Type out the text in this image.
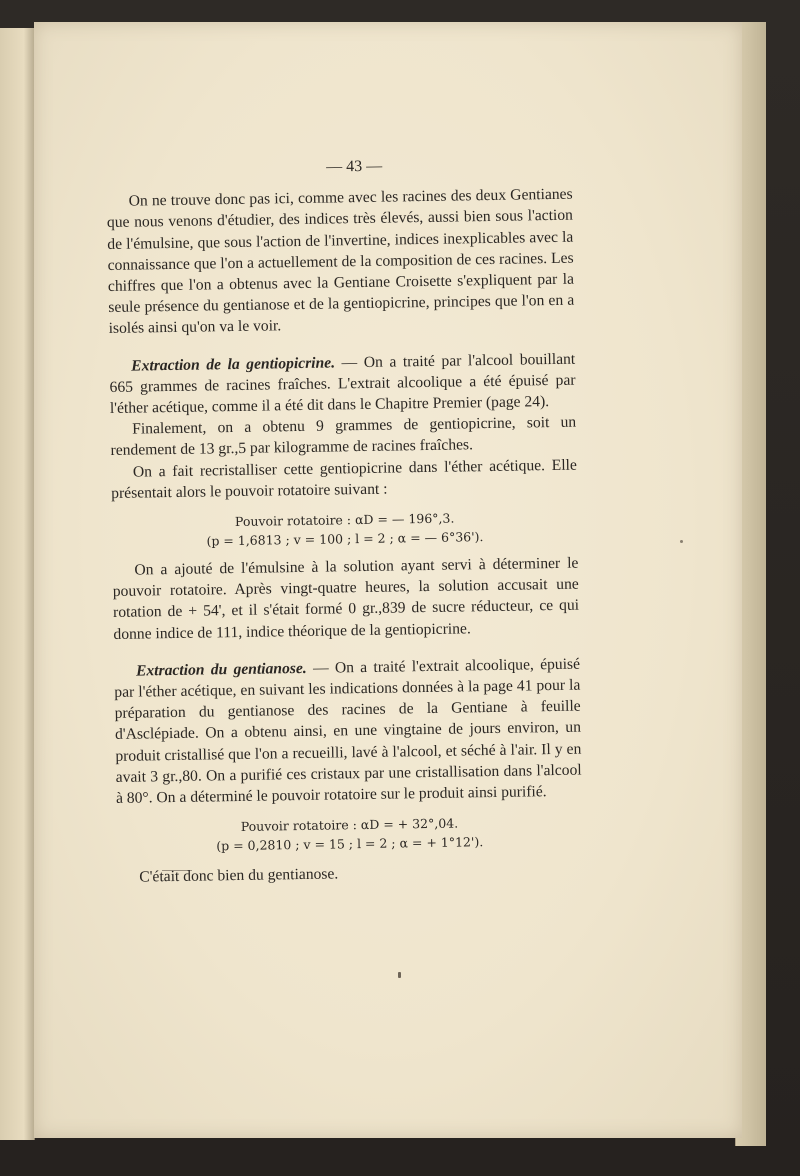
— 43 —

On ne trouve donc pas ici, comme avec les racines des deux Gentianes que nous venons d'étudier, des indices très élevés, aussi bien sous l'action de l'émulsine, que sous l'action de l'invertine, indices inexplicables avec la connaissance que l'on a actuellement de la composition de ces racines. Les chiffres que l'on a obtenus avec la Gentiane Croisette s'expliquent par la seule présence du gentianose et de la gentiopicrine, principes que l'on en a isolés ainsi qu'on va le voir.

Extraction de la gentiopicrine. — On a traité par l'alcool bouillant 665 grammes de racines fraîches. L'extrait alcoolique a été épuisé par l'éther acétique, comme il a été dit dans le Chapitre Premier (page 24).

Finalement, on a obtenu 9 grammes de gentiopicrine, soit un rendement de 13 gr.,5 par kilogramme de racines fraîches.

On a fait recristalliser cette gentiopicrine dans l'éther acétique. Elle présentait alors le pouvoir rotatoire suivant :

Pouvoir rotatoire : αD = — 196°,3.
(p = 1,6813 ; v = 100 ; l = 2 ; α = — 6°36').

On a ajouté de l'émulsine à la solution ayant servi à déterminer le pouvoir rotatoire. Après vingt-quatre heures, la solution accusait une rotation de + 54', et il s'était formé 0 gr.,839 de sucre réducteur, ce qui donne indice de 111, indice théorique de la gentiopicrine.

Extraction du gentianose. — On a traité l'extrait alcoolique, épuisé par l'éther acétique, en suivant les indications données à la page 41 pour la préparation du gentianose des racines de la Gentiane à feuille d'Asclépiade. On a obtenu ainsi, en une vingtaine de jours environ, un produit cristallisé que l'on a recueilli, lavé à l'alcool, et séché à l'air. Il y en avait 3 gr.,80. On a purifié ces cristaux par une cristallisation dans l'alcool à 80°. On a déterminé le pouvoir rotatoire sur le produit ainsi purifié.

Pouvoir rotatoire : αD = + 32°,04.
(p = 0,2810 ; v = 15 ; l = 2 ; α = + 1°12').

C'était donc bien du gentianose.
